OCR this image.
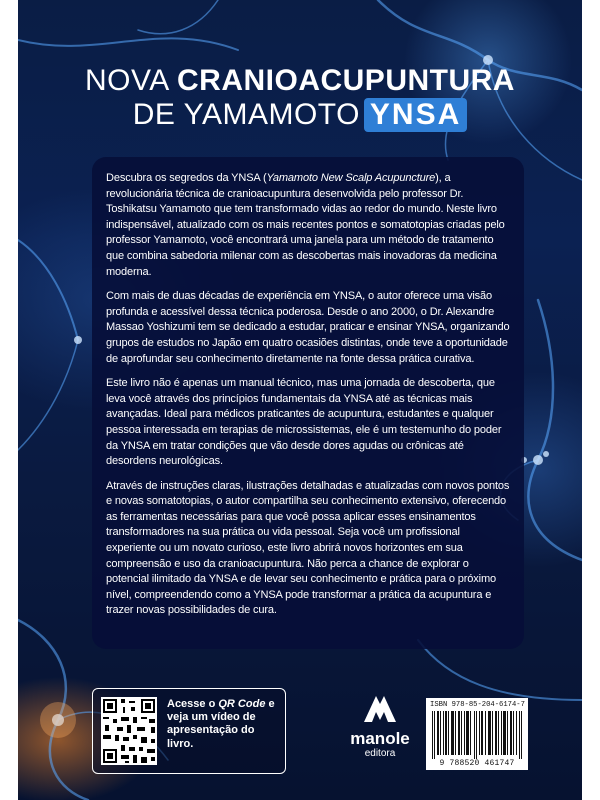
NOVA CRANIOACUPUNTURA
DE YAMAMOTO YNSA

Descubra os segredos da YNSA (Yamamoto New Scalp Acupuncture), a revolucionária técnica de cranioacupuntura desenvolvida pelo professor Dr. Toshikatsu Yamamoto que tem transformado vidas ao redor do mundo. Neste livro indispensável, atualizado com os mais recentes pontos e somatotopias criadas pelo professor Yamamoto, você encontrará uma janela para um método de tratamento que combina sabedoria milenar com as descobertas mais inovadoras da medicina moderna.

Com mais de duas décadas de experiência em YNSA, o autor oferece uma visão profunda e acessível dessa técnica poderosa. Desde o ano 2000, o Dr. Alexandre Massao Yoshizumi tem se dedicado a estudar, praticar e ensinar YNSA, organizando grupos de estudos no Japão em quatro ocasiões distintas, onde teve a oportunidade de aprofundar seu conhecimento diretamente na fonte dessa prática curativa.

Este livro não é apenas um manual técnico, mas uma jornada de descoberta, que leva você através dos princípios fundamentais da YNSA até as técnicas mais avançadas. Ideal para médicos praticantes de acupuntura, estudantes e qualquer pessoa interessada em terapias de microssistemas, ele é um testemunho do poder da YNSA em tratar condições que vão desde dores agudas ou crônicas até desordens neurológicas.

Através de instruções claras, ilustrações detalhadas e atualizadas com novos pontos e novas somatotopias, o autor compartilha seu conhecimento extensivo, oferecendo as ferramentas necessárias para que você possa aplicar esses ensinamentos transformadores na sua prática ou vida pessoal. Seja você um profissional experiente ou um novato curioso, este livro abrirá novos horizontes em sua compreensão e uso da cranioacupuntura. Não perca a chance de explorar o potencial ilimitado da YNSA e de levar seu conhecimento e prática para o próximo nível, compreendendo como a YNSA pode transformar a prática da acupuntura e trazer novas possibilidades de cura.

Acesse o QR Code e veja um vídeo de apresentação do livro.	manole
editora
ISBN 978-85-204-6174-7
9 788520 461747
